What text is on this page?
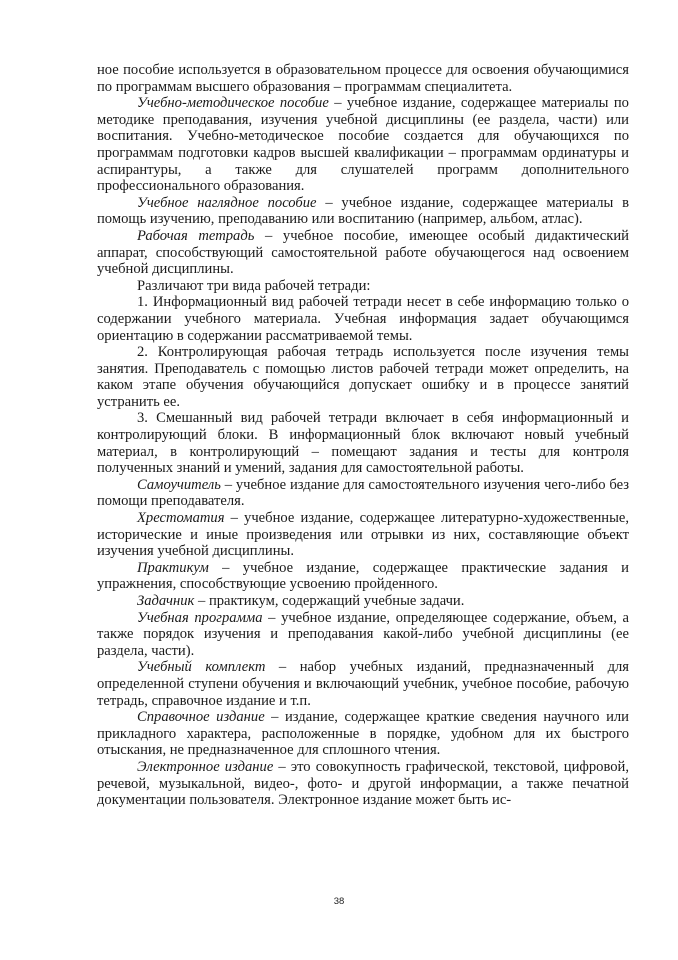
ное пособие используется в образовательном процессе для освоения обучающимися по программам высшего образования – программам специалитета.

Учебно-методическое пособие – учебное издание, содержащее материалы по методике преподавания, изучения учебной дисциплины (ее раздела, части) или воспитания. Учебно-методическое пособие создается для обучающихся по программам подготовки кадров высшей квалификации – программам ординатуры и аспирантуры, а также для слушателей программ дополнительного профессионального образования.

Учебное наглядное пособие – учебное издание, содержащее материалы в помощь изучению, преподаванию или воспитанию (например, альбом, атлас).

Рабочая тетрадь – учебное пособие, имеющее особый дидактический аппарат, способствующий самостоятельной работе обучающегося над освоением учебной дисциплины.

Различают три вида рабочей тетради:

1. Информационный вид рабочей тетради несет в себе информацию только о содержании учебного материала. Учебная информация задает обучающимся ориентацию в содержании рассматриваемой темы.

2. Контролирующая рабочая тетрадь используется после изучения темы занятия. Преподаватель с помощью листов рабочей тетради может определить, на каком этапе обучения обучающийся допускает ошибку и в процессе занятий устранить ее.

3. Смешанный вид рабочей тетради включает в себя информационный и контролирующий блоки. В информационный блок включают новый учебный материал, в контролирующий – помещают задания и тесты для контроля полученных знаний и умений, задания для самостоятельной работы.

Самоучитель – учебное издание для самостоятельного изучения чего-либо без помощи преподавателя.

Хрестоматия – учебное издание, содержащее литературно-художественные, исторические и иные произведения или отрывки из них, составляющие объект изучения учебной дисциплины.

Практикум – учебное издание, содержащее практические задания и упражнения, способствующие усвоению пройденного.

Задачник – практикум, содержащий учебные задачи.

Учебная программа – учебное издание, определяющее содержание, объем, а также порядок изучения и преподавания какой-либо учебной дисциплины (ее раздела, части).

Учебный комплект – набор учебных изданий, предназначенный для определенной ступени обучения и включающий учебник, учебное пособие, рабочую тетрадь, справочное издание и т.п.

Справочное издание – издание, содержащее краткие сведения научного или прикладного характера, расположенные в порядке, удобном для их быстрого отыскания, не предназначенное для сплошного чтения.

Электронное издание – это совокупность графической, текстовой, цифровой, речевой, музыкальной, видео-, фото- и другой информации, а также печатной документации пользователя. Электронное издание может быть ис-

38
